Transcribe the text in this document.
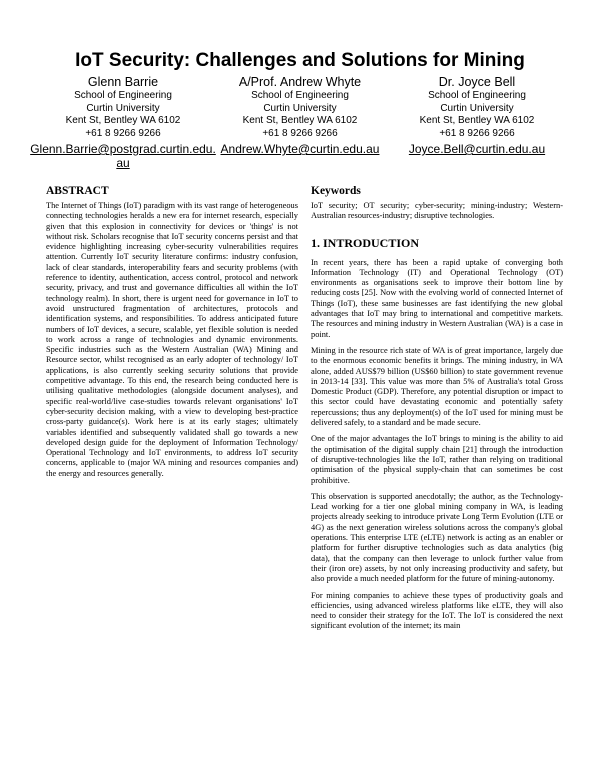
IoT Security: Challenges and Solutions for Mining
Glenn Barrie
School of Engineering
Curtin University
Kent St, Bentley WA 6102
+61 8 9266 9266
Glenn.Barrie@postgrad.curtin.edu.au
A/Prof. Andrew Whyte
School of Engineering
Curtin University
Kent St, Bentley WA 6102
+61 8 9266 9266
Andrew.Whyte@curtin.edu.au
Dr. Joyce Bell
School of Engineering
Curtin University
Kent St, Bentley WA 6102
+61 8 9266 9266
Joyce.Bell@curtin.edu.au
ABSTRACT

The Internet of Things (IoT) paradigm with its vast range of heterogeneous connecting technologies heralds a new era for internet research, especially given that this explosion in connectivity for devices or 'things' is not without risk. Scholars recognise that IoT security concerns persist and that evidence highlighting increasing cyber-security vulnerabilities requires attention. Currently IoT security literature confirms: industry confusion, lack of clear standards, interoperability fears and security problems (with reference to identity, authentication, access control, protocol and network security, privacy, and trust and governance difficulties all within the IoT technology realm). In short, there is urgent need for governance in IoT to avoid unstructured fragmentation of architectures, protocols and identification systems, and responsibilities. To address anticipated future numbers of IoT devices, a secure, scalable, yet flexible solution is needed to work across a range of technologies and dynamic environments. Specific industries such as the Western Australian (WA) Mining and Resource sector, whilst recognised as an early adopter of technology/ IoT applications, is also currently seeking security solutions that provide competitive advantage. To this end, the research being conducted here is utilising qualitative methodologies (alongside document analyses), and specific real-world/live case-studies towards relevant organisations' IoT cyber-security decision making, with a view to developing best-practice cross-party guidance(s). Work here is at its early stages; ultimately variables identified and subsequently validated shall go towards a new developed design guide for the deployment of Information Technology/ Operational Technology and IoT environments, to address IoT security concerns, applicable to (major WA mining and resources companies and) the energy and resources generally.

Keywords

IoT security; OT security; cyber-security; mining-industry; Western-Australian resources-industry; disruptive technologies.

1. INTRODUCTION

In recent years, there has been a rapid uptake of converging both Information Technology (IT) and Operational Technology (OT) environments as organisations seek to improve their bottom line by reducing costs [25]. Now with the evolving world of connected Internet of Things (IoT), these same businesses are fast identifying the new global advantages that IoT may bring to international and competitive markets. The resources and mining industry in Western Australian (WA) is a case in point.

Mining in the resource rich state of WA is of great importance, largely due to the enormous economic benefits it brings. The mining industry, in WA alone, added AUS$79 billion (US$60 billion) to state government revenue in 2013-14 [33]. This value was more than 5% of Australia's total Gross Domestic Product (GDP). Therefore, any potential disruption or impact to this sector could have devastating economic and potentially safety repercussions; thus any deployment(s) of the IoT used for mining must be delivered safely, to a standard and be made secure.

One of the major advantages the IoT brings to mining is the ability to aid the optimisation of the digital supply chain [21] through the introduction of disruptive-technologies like the IoT, rather than relying on traditional optimisation of the physical supply-chain that can sometimes be cost prohibitive.

This observation is supported anecdotally; the author, as the Technology-Lead working for a tier one global mining company in WA, is leading projects already seeking to introduce private Long Term Evolution (LTE or 4G) as the next generation wireless solutions across the company's global operations. This enterprise LTE (eLTE) network is acting as an enabler or platform for further disruptive technologies such as data analytics (big data), that the company can then leverage to unlock further value from their (iron ore) assets, by not only increasing productivity and safety, but also provide a much needed platform for the future of mining-autonomy.

For mining companies to achieve these types of productivity goals and efficiencies, using advanced wireless platforms like eLTE, they will also need to consider their strategy for the IoT. The IoT is considered the next significant evolution of the internet; its main
